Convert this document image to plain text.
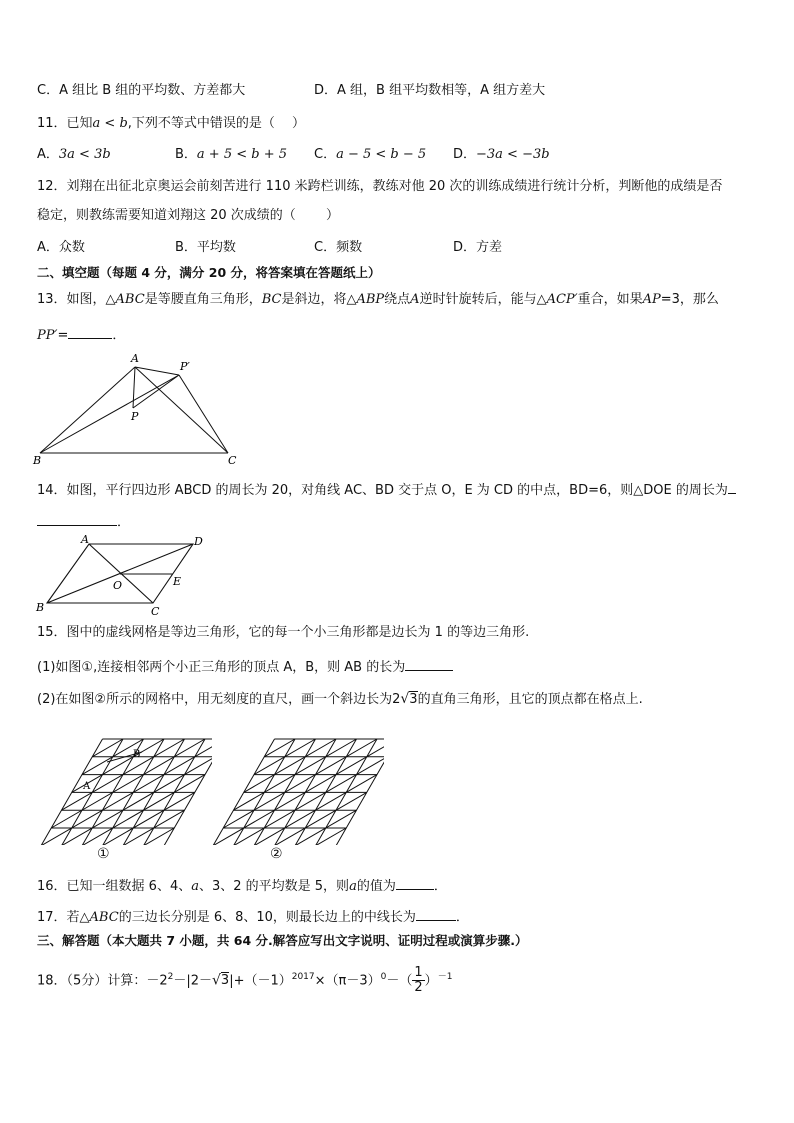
C．A 组比 B 组的平均数、方差都大	D．A 组，B 组平均数相等，A 组方差大
11．已知a < b,下列不等式中错误的是（　 ）
A．3a < 3b	B．a + 5 < b + 5 C．a − 5 < b − 5 D．−3a < −3b
12．刘翔在出征北京奥运会前刻苦进行 110 米跨栏训练，教练对他 20 次的训练成绩进行统计分析，判断他的成绩是否
稳定，则教练需要知道刘翔这 20 次成绩的（　　 ）
A．众数	B．平均数	C．频数	D．方差
二、填空题（每题 4 分，满分 20 分，将答案填在答题纸上）
13．如图，△ABC是等腰直角三角形，BC是斜边，将△ABP绕点A逆时针旋转后，能与△ACP′重合，如果AP=3，那么
PP′=	．
A
P′
P
B	C
14．如图，平行四边形 ABCD 的周长为 20，对角线 AC、BD 交于点 O，E 为 CD 的中点，BD=6，则△DOE 的周长为
．
A	D
O	E
B	C
15．图中的虚线网格是等边三角形，它的每一个小三角形都是边长为 1 的等边三角形.
(1)如图①,连接相邻两个小正三角形的顶点 A，B，则 AB 的长为
(2)在如图②所示的网格中，用无刻度的直尺，画一个斜边长为2√3的直角三角形，且它的顶点都在格点上.
B
A
①	②
16．已知一组数据 6、4、a、3、2 的平均数是 5，则a的值为	．
17．若△ABC的三边长分别是 6、8、10，则最长边上的中线长为	．
三、解答题（本大题共 7 小题，共 64 分.解答应写出文字说明、证明过程或演算步骤.）
18．（5分）计算：$-2^2-|2-√3|+(-1)^{2017}\times(\pi-3)^0-( \frac{1}{2} )^{-1}$
